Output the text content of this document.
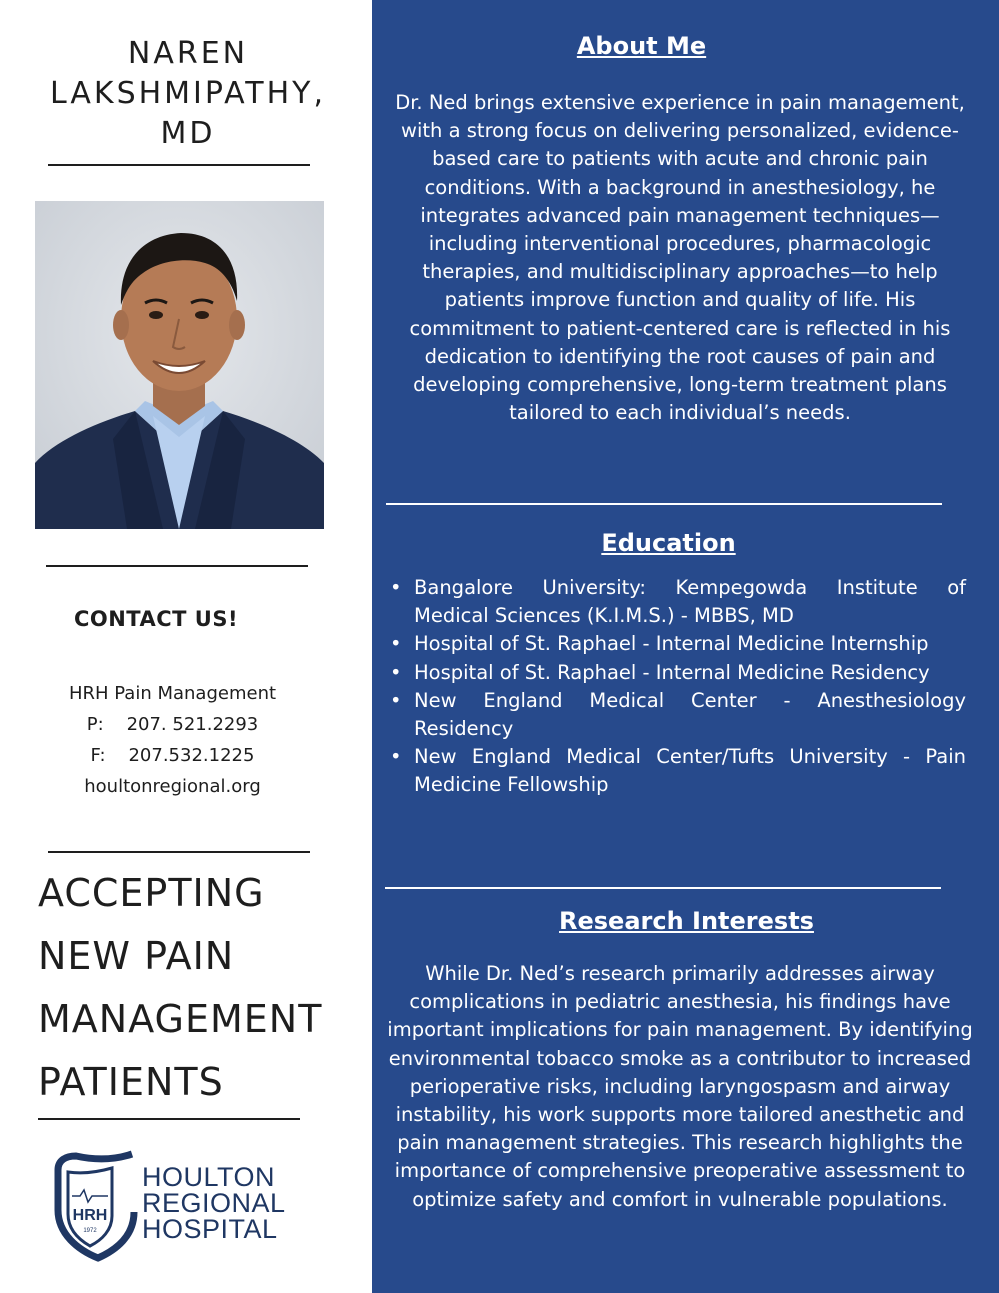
NAREN
LAKSHMIPATHY,
MD
CONTACT US!
HRH Pain Management
P: 207. 521.2293
F: 207.532.1225
houltonregional.org
ACCEPTING
NEW PAIN
MANAGEMENT
PATIENTS
HRH
1972
HOULTON
REGIONAL
HOSPITAL
About Me

Dr. Ned brings extensive experience in pain management, with a strong focus on delivering personalized, evidence-based care to patients with acute and chronic pain conditions. With a background in anesthesiology, he integrates advanced pain management techniques—including interventional procedures, pharmacologic therapies, and multidisciplinary approaches—to help patients improve function and quality of life. His commitment to patient-centered care is reflected in his dedication to identifying the root causes of pain and developing comprehensive, long-term treatment plans tailored to each individual’s needs.

Education
• Bangalore University: Kempegowda Institute of
Medical Sciences (K.I.M.S.) - MBBS, MD
• Hospital of St. Raphael - Internal Medicine Internship
• Hospital of St. Raphael - Internal Medicine Residency
• New England Medical Center - Anesthesiology
Residency
• New England Medical Center/Tufts University - Pain
Medicine Fellowship
Research Interests

While Dr. Ned’s research primarily addresses airway complications in pediatric anesthesia, his findings have important implications for pain management. By identifying environmental tobacco smoke as a contributor to increased perioperative risks, including laryngospasm and airway instability, his work supports more tailored anesthetic and pain management strategies. This research highlights the importance of comprehensive preoperative assessment to optimize safety and comfort in vulnerable populations.
